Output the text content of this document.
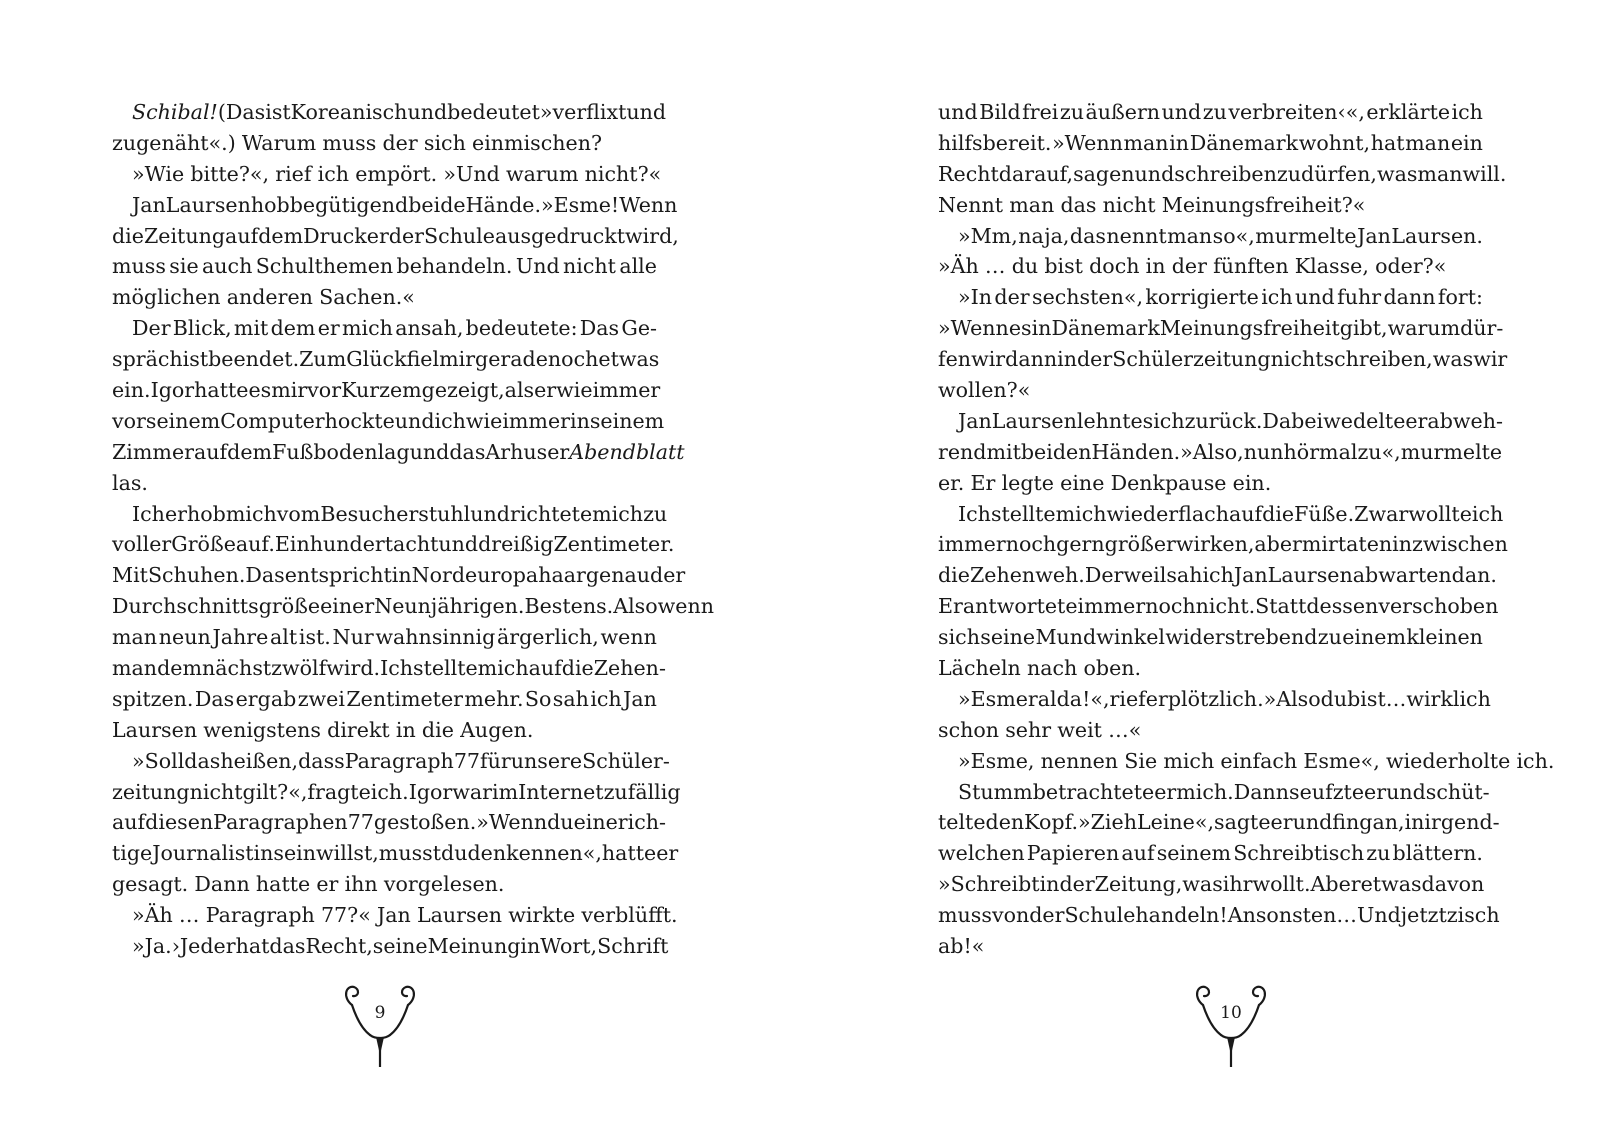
Schibal! (Das ist Koreanisch und bedeutet »verflixt und
zugenäht«.) Warum muss der sich einmischen?
»Wie bitte?«, rief ich empört. »Und warum nicht?«
Jan Laursen hob begütigend beide Hände. »Esme! Wenn
die Zeitung auf dem Drucker der Schule ausgedruckt wird,
muss sie auch Schulthemen behandeln. Und nicht alle
möglichen anderen Sachen.«
Der Blick, mit dem er mich ansah, bedeutete: Das Ge-
spräch ist beendet. Zum Glück fiel mir gerade noch etwas
ein. Igor hatte es mir vor Kurzem gezeigt, als er wie immer
vor seinem Computer hockte und ich wie immer in seinem
Zimmer auf dem Fußboden lag und das Arhuser Abendblatt
las.
Ich erhob mich vom Besucherstuhl und richtete mich zu
voller Größe auf. Einhundertachtunddreißig Zentimeter.
Mit Schuhen. Das entspricht in Nordeuropa haargenau der
Durchschnittsgröße einer Neunjährigen. Bestens. Also wenn
man neun Jahre alt ist. Nur wahnsinnig ärgerlich, wenn
man demnächst zwölf wird. Ich stellte mich auf die Zehen-
spitzen. Das ergab zwei Zentimeter mehr. So sah ich Jan
Laursen wenigstens direkt in die Augen.
»Soll das heißen, dass Paragraph 77 für unsere Schüler-
zeitung nicht gilt?«, fragte ich. Igor war im Internet zufällig
auf diesen Paragraphen 77 gestoßen. »Wenn du eine rich-
tige Journalistin sein willst, musst du den kennen«, hatte er
gesagt. Dann hatte er ihn vorgelesen.
»Äh … Paragraph 77?« Jan Laursen wirkte verblüfft.
»Ja. ›Jeder hat das Recht, seine Meinung in Wort, Schrift
und Bild frei zu äußern und zu verbreiten‹«, erklärte ich
hilfsbereit. »Wenn man in Dänemark wohnt, hat man ein
Recht darauf, sagen und schreiben zu dürfen, was man will.
Nennt man das nicht Meinungsfreiheit?«
»Mm, na ja, das nennt man so«, murmelte Jan Laursen.
»Äh … du bist doch in der fünften Klasse, oder?«
»In der sechsten«, korrigierte ich und fuhr dann fort:
»Wenn es in Dänemark Meinungsfreiheit gibt, warum dür-
fen wir dann in der Schülerzeitung nicht schreiben, was wir
wollen?«
Jan Laursen lehnte sich zurück. Dabei wedelte er abweh-
rend mit beiden Händen. »Also, nun hör mal zu«, murmelte
er. Er legte eine Denkpause ein.
Ich stellte mich wieder flach auf die Füße. Zwar wollte ich
immer noch gern größer wirken, aber mir taten inzwischen
die Zehen weh. Derweil sah ich Jan Laursen abwartend an.
Er antwortete immer noch nicht. Stattdessen verschoben
sich seine Mundwinkel widerstrebend zu einem kleinen
Lächeln nach oben.
»Esmeralda!«, rief er plötzlich. »Also du bist … wirklich
schon sehr weit …«
»Esme, nennen Sie mich einfach Esme«, wiederholte ich.
Stumm betrachtete er mich. Dann seufzte er und schüt-
telte den Kopf. »Zieh Leine«, sagte er und fing an, in irgend-
welchen Papieren auf seinem Schreibtisch zu blättern.
»Schreibt in der Zeitung, was ihr wollt. Aber etwas davon
muss von der Schule handeln! Ansonsten … Und jetzt zisch
ab!«
9	10
